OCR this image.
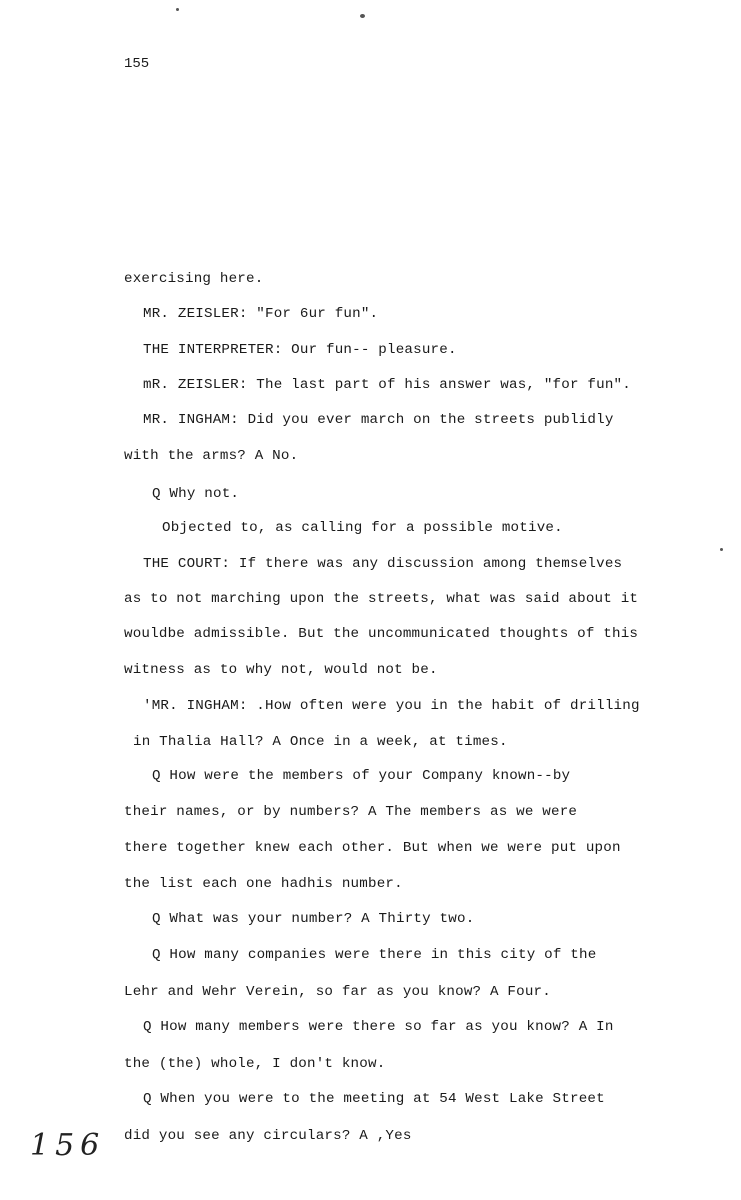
155
exercising here.
MR. ZEISLER: "For 6ur fun".
THE INTERPRETER: Our fun-- pleasure.
mR. ZEISLER: The last part of his answer was, "for fun".
MR. INGHAM: Did you ever march on the streets publidly
with the arms? A No.
Q Why not.
Objected to, as calling for a possible motive.
THE COURT: If there was any discussion among themselves
as to not marching upon the streets, what was said about it
wouldbe admissible. But the uncommunicated thoughts of this
witness as to why not, would not be.
'MR. INGHAM: .How often were you in the habit of drilling
in Thalia Hall? A Once in a week, at times.
Q How were the members of your Company known--by
their names, or by numbers? A The members as we were
there together knew each other. But when we were put upon
the list each one hadhis number.
Q What was your number? A Thirty two.
Q How many companies were there in this city of the
Lehr and Wehr Verein, so far as you know? A Four.
Q How many members were there so far as you know? A In
the (the) whole, I don't know.
Q When you were to the meeting at 54 West Lake Street
did you see any circulars? A ,Yes
156
